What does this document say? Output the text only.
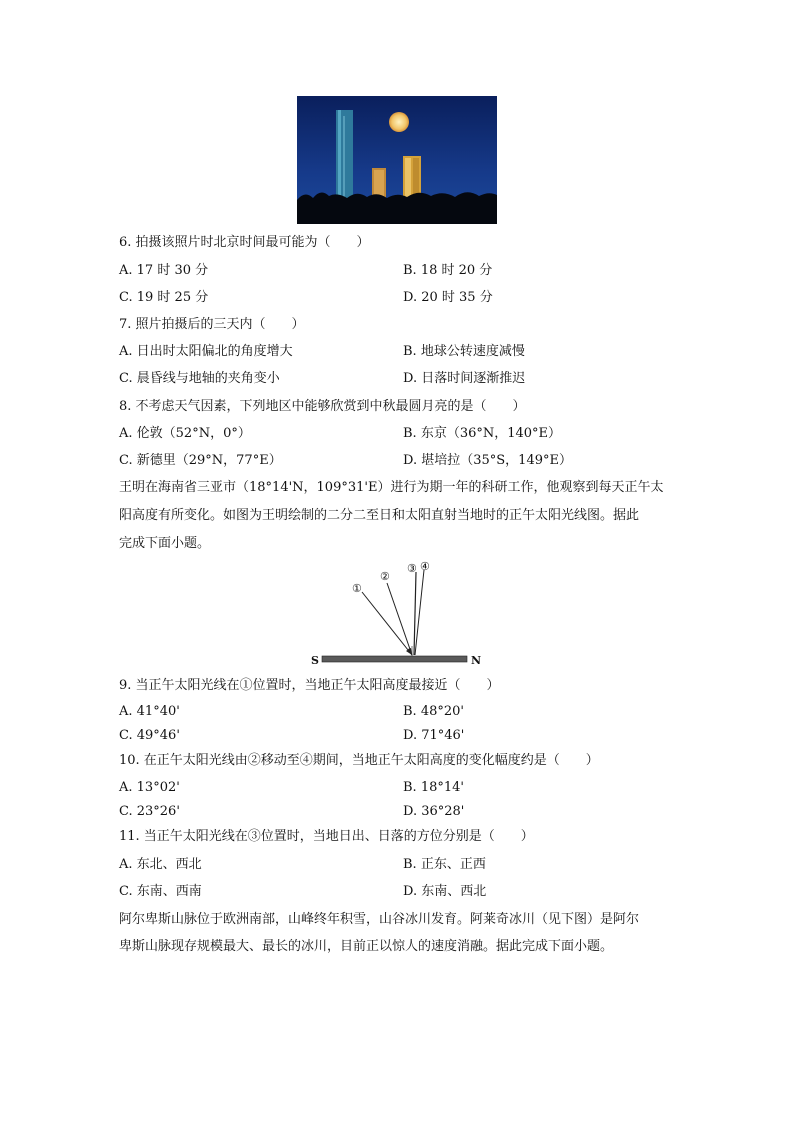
6. 拍摄该照片时北京时间最可能为（　　）
A. 17 时 30 分	B. 18 时 20 分
C. 19 时 25 分	D. 20 时 35 分
7. 照片拍摄后的三天内（　　）
A. 日出时太阳偏北的角度增大	B. 地球公转速度减慢
C. 晨昏线与地轴的夹角变小	D. 日落时间逐渐推迟
8. 不考虑天气因素，下列地区中能够欣赏到中秋最圆月亮的是（　　）
A. 伦敦（52°N，0°）	B. 东京（36°N，140°E）
C. 新德里（29°N，77°E）	D. 堪培拉（35°S，149°E）
王明在海南省三亚市（18°14'N，109°31'E）进行为期一年的科研工作，他观察到每天正午太
阳高度有所变化。如图为王明绘制的二分二至日和太阳直射当地时的正午太阳光线图。据此
完成下面小题。
①
②
③ ④
S	N
9. 当正午太阳光线在①位置时，当地正午太阳高度最接近（　　）
A. 41°40'	B. 48°20'
C. 49°46'	D. 71°46'
10. 在正午太阳光线由②移动至④期间，当地正午太阳高度的变化幅度约是（　　）
A. 13°02'	B. 18°14'
C. 23°26'	D. 36°28'
11. 当正午太阳光线在③位置时，当地日出、日落的方位分别是（　　）
A. 东北、西北	B. 正东、正西
C. 东南、西南	D. 东南、西北
阿尔卑斯山脉位于欧洲南部，山峰终年积雪，山谷冰川发育。阿莱奇冰川（见下图）是阿尔
卑斯山脉现存规模最大、最长的冰川，目前正以惊人的速度消融。据此完成下面小题。
